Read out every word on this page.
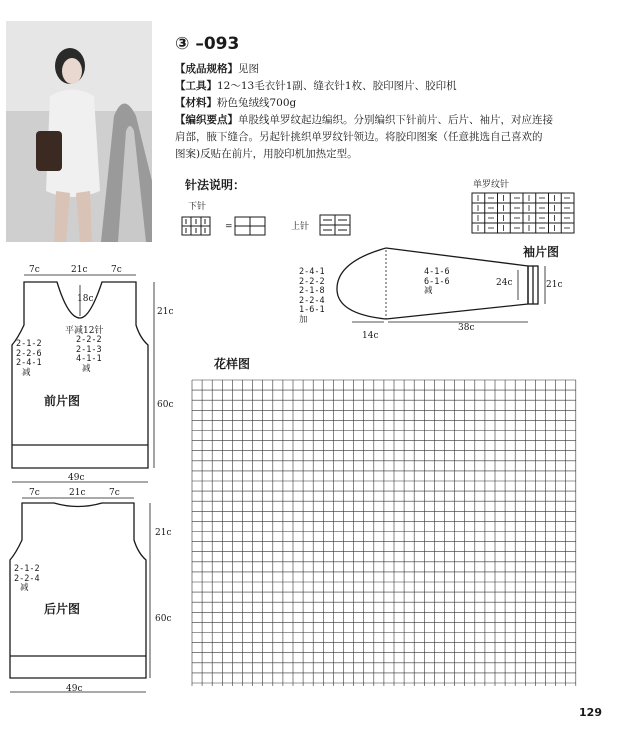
③ –093
【成品规格】见图
【工具】12～13毛衣针1副、缝衣针1枚、胶印图片、胶印机
【材料】粉色兔绒线700g
【编织要点】单股线单罗纹起边编织。分别编织下针前片、后片、袖片，对应连接
肩部，腋下缝合。另起针挑织单罗纹针领边。将胶印图案（任意挑选自己喜欢的
图案)反贴在前片，用胶印机加热定型。
针法说明：
下针
=	上针
单罗纹针
袖片图
2-4-1
2-2-2
2-1-8
2-2-4
1-6-1
加
4-1-6
6-1-6
减
24c	21c
14c
38c
7c	21c	7c
18c
21c
60c
49c
2-1-2
2-2-6
2-4-1
减
平减12针
2-2-2
2-1-3
4-1-1
减
前片图
7c	21c	7c
21c
60c
49c
2-1-2
2-2-4
减
后片图
花样图
129
